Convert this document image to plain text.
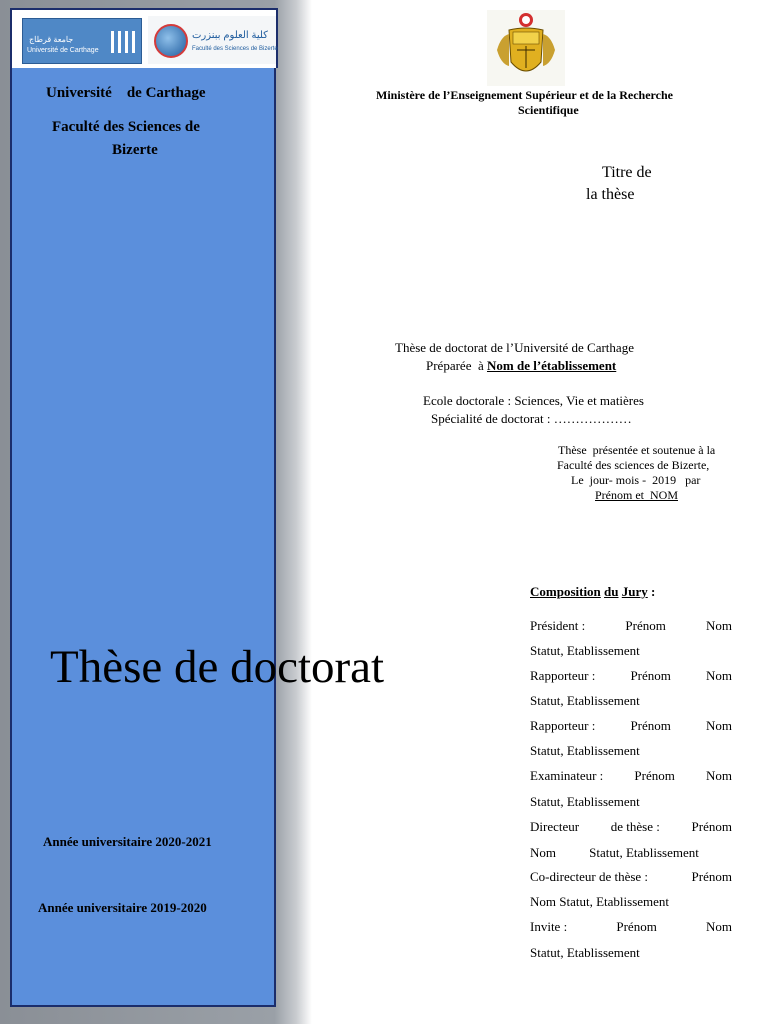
جامعة قرطاج
Université de Carthage
كلية العلوم ببنزرت
Faculté des Sciences de Bizerte
Université    de Carthage
Faculté des Sciences de
Bizerte
Thèse de doctorat
Année universitaire 2020-2021
Année universitaire 2019-2020
Ministère de l’Enseignement Supérieur et de la Recherche
Scientifique
Titre de
la thèse
Thèse de doctorat de l’Université de Carthage
Préparée  à Nom de l’établissement
Ecole doctorale : Sciences, Vie et matières
Spécialité de doctorat : ………………
Thèse  présentée et soutenue à la
Faculté des sciences de Bizerte,
Le  jour- mois -  2019   par
Prénom et  NOM
Composition du Jury :
Président :	Prénom	Nom
Statut, Etablissement
Rapporteur :	Prénom	Nom
Statut, Etablissement
Rapporteur :	Prénom	Nom
Statut, Etablissement
Examinateur : Prénom Nom
Statut, Etablissement
Directeur de thèse : Prénom
Nom	Statut, Etablissement
Co-directeur de thèse :	Prénom
Nom Statut, Etablissement
Invite :	Prénom	Nom
Statut, Etablissement
